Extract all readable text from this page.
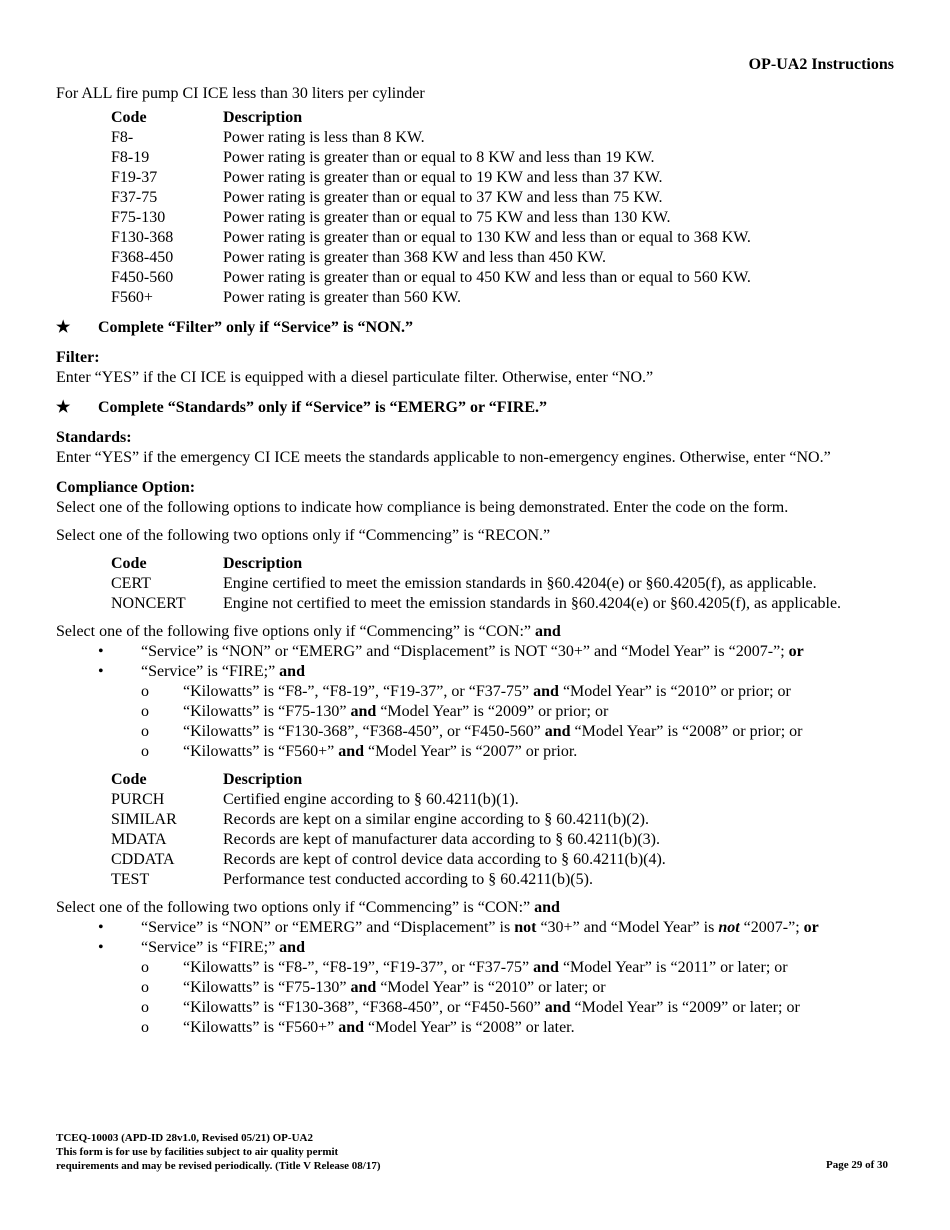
OP-UA2 Instructions

For ALL fire pump CI ICE less than 30 liters per cylinder

Code	Description
F8-	Power rating is less than 8 KW.
F8-19	Power rating is greater than or equal to 8 KW and less than 19 KW.
F19-37	Power rating is greater than or equal to 19 KW and less than 37 KW.
F37-75	Power rating is greater than or equal to 37 KW and less than 75 KW.
F75-130	Power rating is greater than or equal to 75 KW and less than 130 KW.
F130-368	Power rating is greater than or equal to 130 KW and less than or equal to 368 KW.
F368-450	Power rating is greater than 368 KW and less than 450 KW.
F450-560	Power rating is greater than or equal to 450 KW and less than or equal to 560 KW.
F560+	Power rating is greater than 560 KW.
★	Complete “Filter” only if “Service” is “NON.”

Filter:

Enter “YES” if the CI ICE is equipped with a diesel particulate filter. Otherwise, enter “NO.”

★	Complete “Standards” only if “Service” is “EMERG” or “FIRE.”

Standards:

Enter “YES” if the emergency CI ICE meets the standards applicable to non-emergency engines. Otherwise, enter “NO.”

Compliance Option:

Select one of the following options to indicate how compliance is being demonstrated. Enter the code on the form.

Select one of the following two options only if “Commencing” is “RECON.”

Code	Description
CERT	Engine certified to meet the emission standards in §60.4204(e) or §60.4205(f), as applicable.
NONCERT	Engine not certified to meet the emission standards in §60.4204(e) or §60.4205(f), as applicable.

Select one of the following five options only if “Commencing” is “CON:” and

• “Service” is “NON” or “EMERG” and “Displacement” is NOT “30+” and “Model Year” is “2007-”; or
• “Service” is “FIRE;” and
o “Kilowatts” is “F8-”, “F8-19”, “F19-37”, or “F37-75” and “Model Year” is “2010” or prior; or
o “Kilowatts” is “F75-130” and “Model Year” is “2009” or prior; or
o “Kilowatts” is “F130-368”, “F368-450”, or “F450-560” and “Model Year” is “2008” or prior; or
o “Kilowatts” is “F560+” and “Model Year” is “2007” or prior.
Code	Description
PURCH	Certified engine according to § 60.4211(b)(1).
SIMILAR	Records are kept on a similar engine according to § 60.4211(b)(2).
MDATA	Records are kept of manufacturer data according to § 60.4211(b)(3).
CDDATA	Records are kept of control device data according to § 60.4211(b)(4).
TEST	Performance test conducted according to § 60.4211(b)(5).

Select one of the following two options only if “Commencing” is “CON:” and

• “Service” is “NON” or “EMERG” and “Displacement” is not “30+” and “Model Year” is not “2007-”; or
• “Service” is “FIRE;” and
o “Kilowatts” is “F8-”, “F8-19”, “F19-37”, or “F37-75” and “Model Year” is “2011” or later; or
o “Kilowatts” is “F75-130” and “Model Year” is “2010” or later; or
o “Kilowatts” is “F130-368”, “F368-450”, or “F450-560” and “Model Year” is “2009” or later; or
o “Kilowatts” is “F560+” and “Model Year” is “2008” or later.
TCEQ-10003 (APD-ID 28v1.0, Revised 05/21) OP-UA2
This form is for use by facilities subject to air quality permit
requirements and may be revised periodically. (Title V Release 08/17)	Page 29 of 30
